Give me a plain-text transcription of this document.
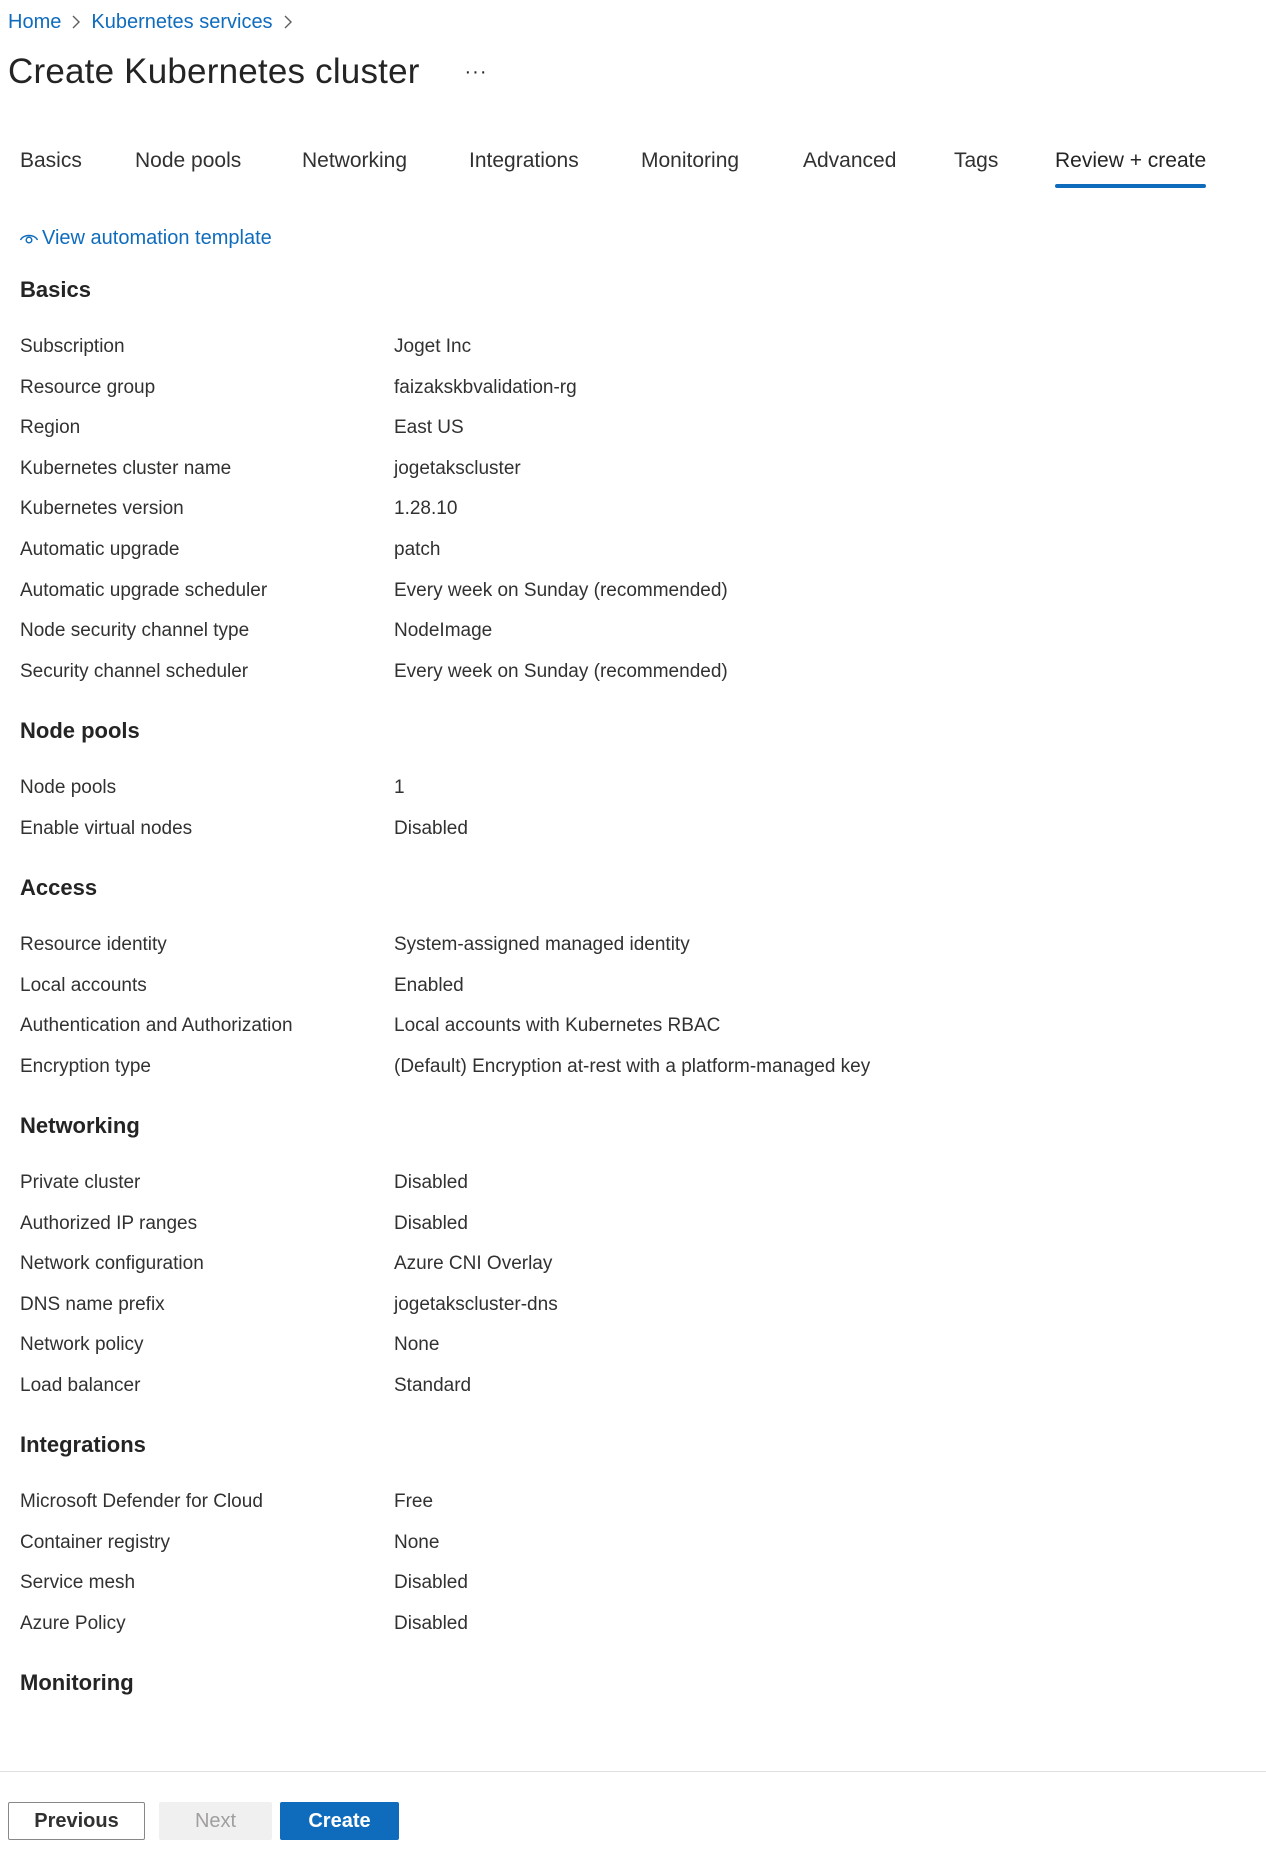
Home Kubernetes services
Create Kubernetes cluster	···
Basics	Node pools	Networking	Integrations	Monitoring	Advanced	Tags	Review + create
View automation template
Basics
Subscription	Joget Inc
Resource group	faizakskbvalidation-rg
Region	East US
Kubernetes cluster name	jogetakscluster
Kubernetes version	1.28.10
Automatic upgrade	patch
Automatic upgrade scheduler	Every week on Sunday (recommended)
Node security channel type	NodeImage
Security channel scheduler	Every week on Sunday (recommended)
Node pools
Node pools	1
Enable virtual nodes	Disabled
Access
Resource identity	System-assigned managed identity
Local accounts	Enabled
Authentication and Authorization	Local accounts with Kubernetes RBAC
Encryption type	(Default) Encryption at-rest with a platform-managed key
Networking
Private cluster	Disabled
Authorized IP ranges	Disabled
Network configuration	Azure CNI Overlay
DNS name prefix	jogetakscluster-dns
Network policy	None
Load balancer	Standard
Integrations
Microsoft Defender for Cloud	Free
Container registry	None
Service mesh	Disabled
Azure Policy	Disabled
Monitoring
Previous	Next	Create
